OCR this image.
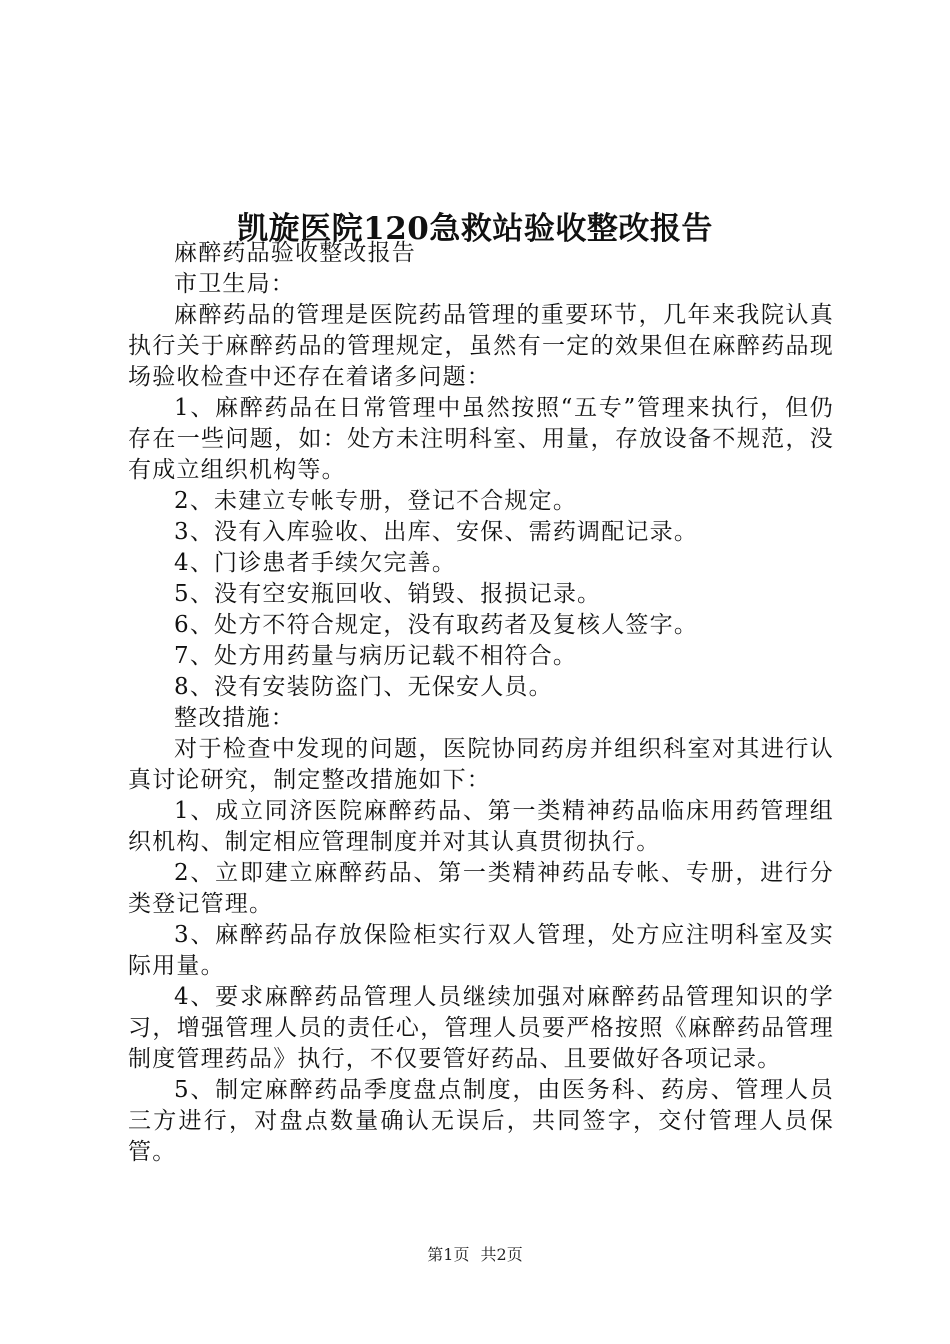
凯旋医院120急救站验收整改报告

麻醉药品验收整改报告

市卫生局：

麻醉药品的管理是医院药品管理的重要环节，几年来我院认真执行关于麻醉药品的管理规定，虽然有一定的效果但在麻醉药品现场验收检查中还存在着诸多问题：

1、麻醉药品在日常管理中虽然按照“五专”管理来执行，但仍存在一些问题，如：处方未注明科室、用量，存放设备不规范，没有成立组织机构等。

2、未建立专帐专册，登记不合规定。

3、没有入库验收、出库、安保、需药调配记录。

4、门诊患者手续欠完善。

5、没有空安瓶回收、销毁、报损记录。

6、处方不符合规定，没有取药者及复核人签字。

7、处方用药量与病历记载不相符合。

8、没有安装防盗门、无保安人员。

整改措施：

对于检查中发现的问题，医院协同药房并组织科室对其进行认真讨论研究，制定整改措施如下：

1、成立同济医院麻醉药品、第一类精神药品临床用药管理组织机构、制定相应管理制度并对其认真贯彻执行。

2、立即建立麻醉药品、第一类精神药品专帐、专册，进行分类登记管理。

3、麻醉药品存放保险柜实行双人管理，处方应注明科室及实际用量。

4、要求麻醉药品管理人员继续加强对麻醉药品管理知识的学习，增强管理人员的责任心，管理人员要严格按照《麻醉药品管理制度管理药品》执行，不仅要管好药品、且要做好各项记录。

5、制定麻醉药品季度盘点制度，由医务科、药房、管理人员三方进行，对盘点数量确认无误后，共同签字，交付管理人员保管。

第1页 共2页
